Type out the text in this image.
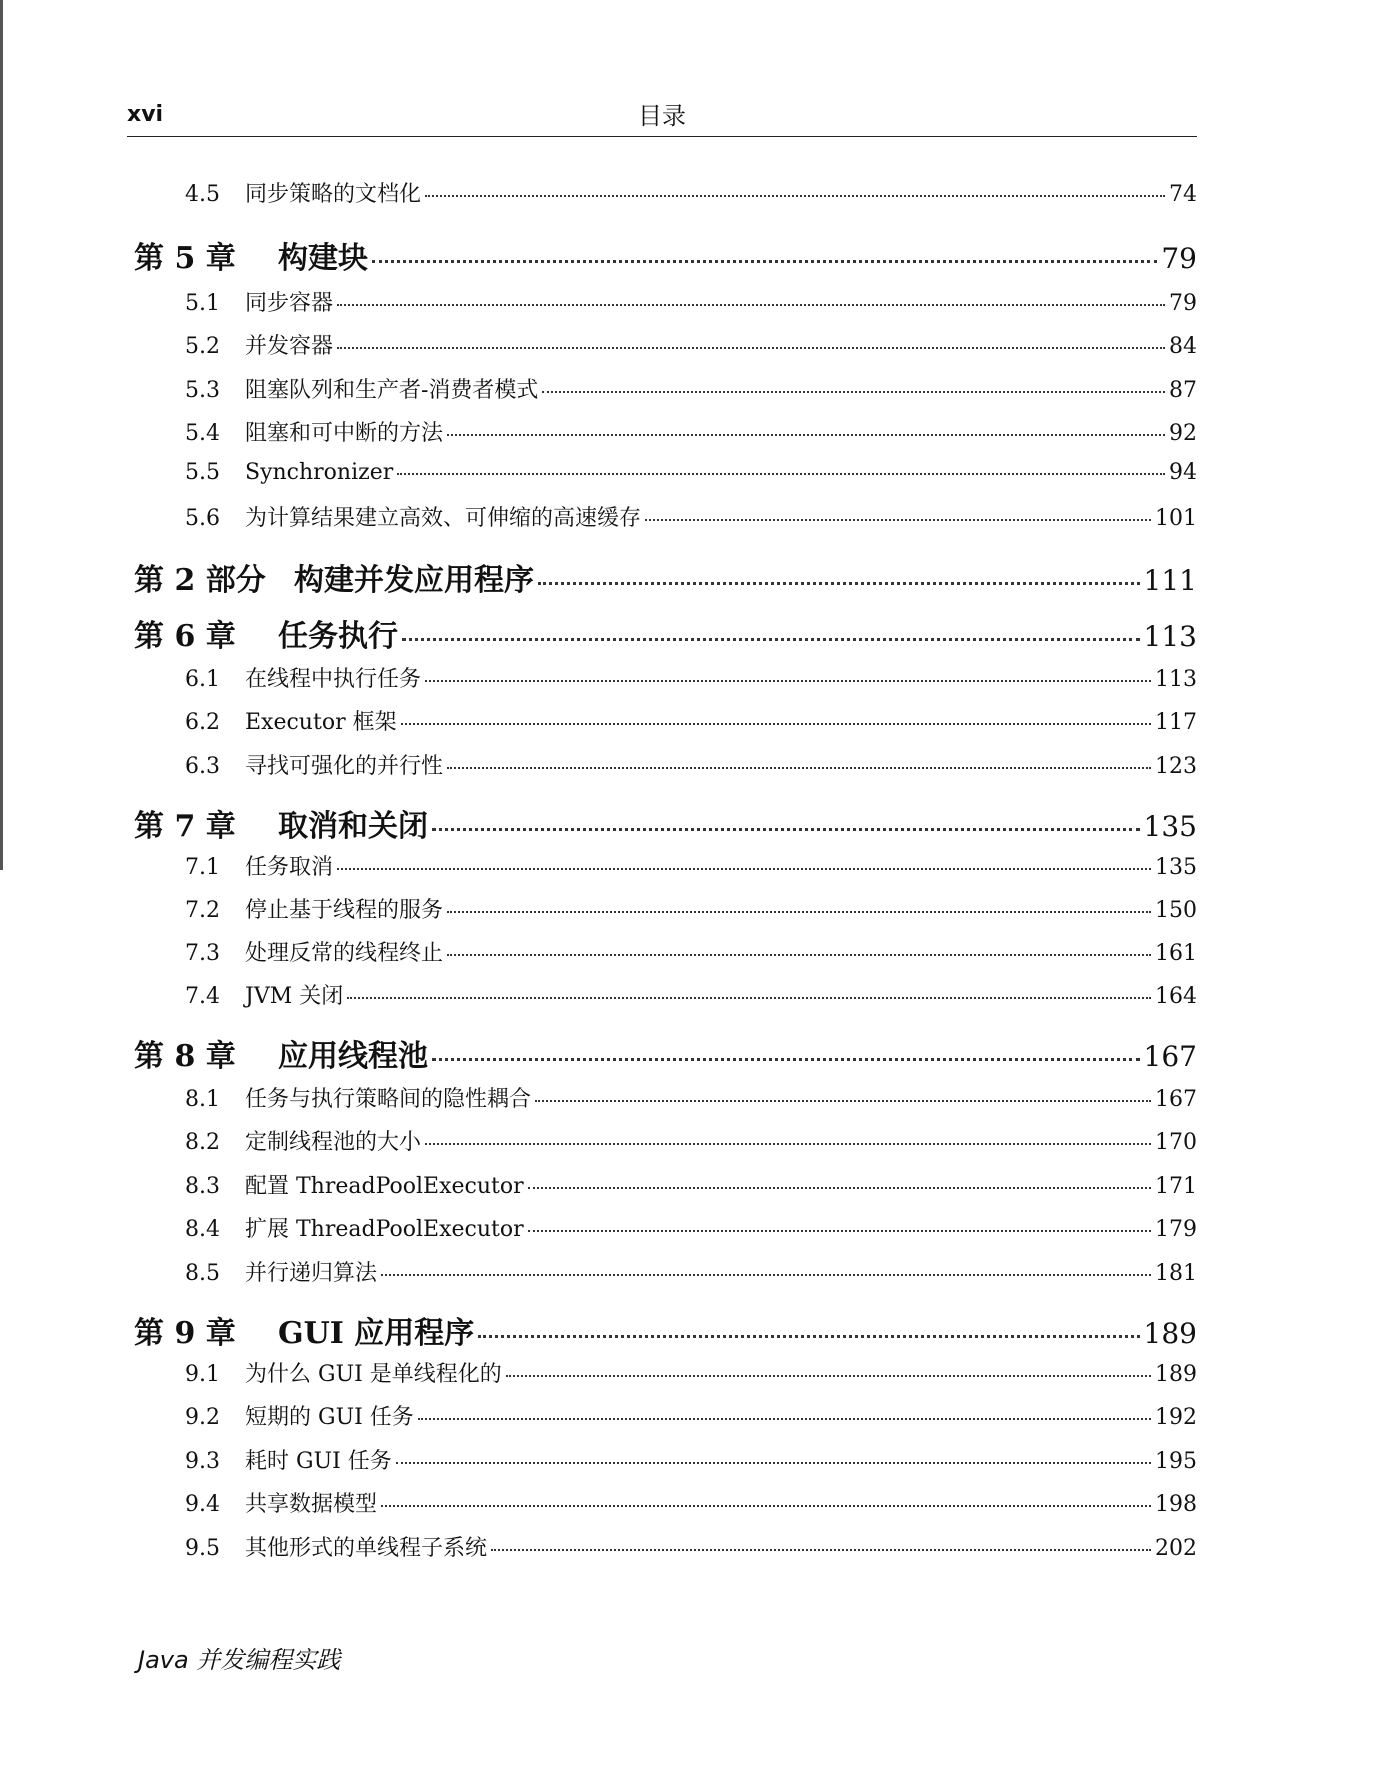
xvi	目录
4.5	同步策略的文档化	74
第 5 章	构建块	79
5.1	同步容器	79
5.2	并发容器	84
5.3	阻塞队列和生产者-消费者模式	87
5.4	阻塞和可中断的方法	92
5.5	Synchronizer	94
5.6	为计算结果建立高效、可伸缩的高速缓存	101
第 2 部分 构建并发应用程序	111
第 6 章	任务执行	113
6.1	在线程中执行任务	113
6.2	Executor 框架	117
6.3	寻找可强化的并行性	123
第 7 章	取消和关闭	135
7.1	任务取消	135
7.2	停止基于线程的服务	150
7.3	处理反常的线程终止	161
7.4	JVM 关闭	164
第 8 章	应用线程池	167
8.1	任务与执行策略间的隐性耦合	167
8.2	定制线程池的大小	170
8.3	配置 ThreadPoolExecutor	171
8.4	扩展 ThreadPoolExecutor	179
8.5	并行递归算法	181
第 9 章	GUI 应用程序	189
9.1	为什么 GUI 是单线程化的	189
9.2	短期的 GUI 任务	192
9.3	耗时 GUI 任务	195
9.4	共享数据模型	198
9.5	其他形式的单线程子系统	202
Java 并发编程实践
